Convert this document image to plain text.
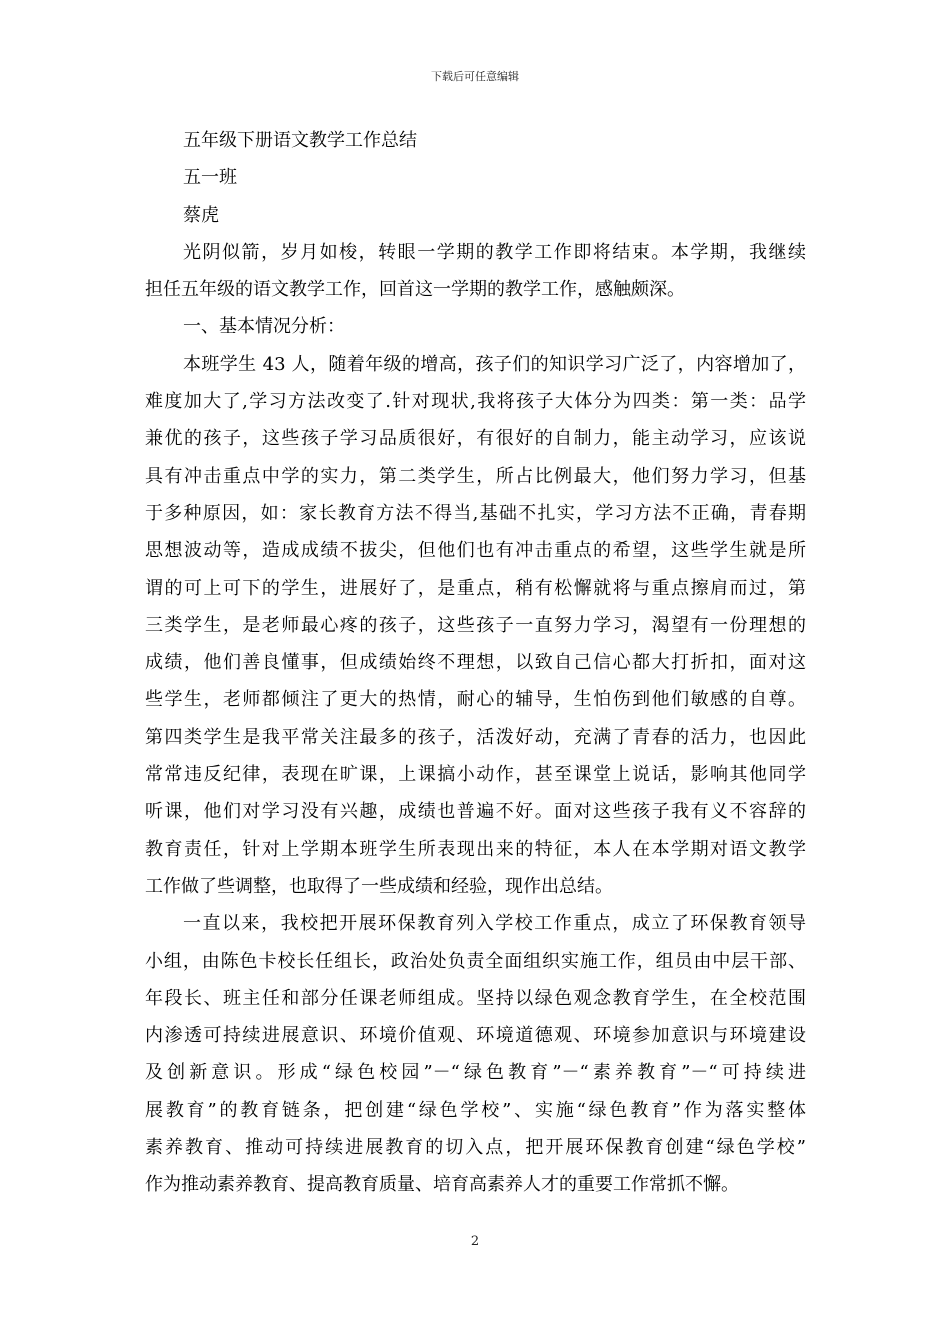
下载后可任意编辑

五年级下册语文教学工作总结

五一班

蔡虎

光阴似箭，岁月如梭，转眼一学期的教学工作即将结束。本学期，我继续

担任五年级的语文教学工作，回首这一学期的教学工作，感触颇深。

一、基本情况分析：

本班学生 43 人，随着年级的增高，孩子们的知识学习广泛了，内容增加了，

难度加大了,学习方法改变了.针对现状,我将孩子大体分为四类：第一类：品学

兼优的孩子，这些孩子学习品质很好，有很好的自制力，能主动学习，应该说

具有冲击重点中学的实力，第二类学生，所占比例最大，他们努力学习，但基

于多种原因，如：家长教育方法不得当,基础不扎实，学习方法不正确，青春期

思想波动等，造成成绩不拔尖，但他们也有冲击重点的希望，这些学生就是所

谓的可上可下的学生，进展好了，是重点，稍有松懈就将与重点擦肩而过，第

三类学生，是老师最心疼的孩子，这些孩子一直努力学习，渴望有一份理想的

成绩，他们善良懂事，但成绩始终不理想，以致自己信心都大打折扣，面对这

些学生，老师都倾注了更大的热情，耐心的辅导，生怕伤到他们敏感的自尊。

第四类学生是我平常关注最多的孩子，活泼好动，充满了青春的活力，也因此

常常违反纪律，表现在旷课，上课搞小动作，甚至课堂上说话，影响其他同学

听课，他们对学习没有兴趣，成绩也普遍不好。面对这些孩子我有义不容辞的

教育责任，针对上学期本班学生所表现出来的特征，本人在本学期对语文教学

工作做了些调整，也取得了一些成绩和经验，现作出总结。

一直以来，我校把开展环保教育列入学校工作重点，成立了环保教育领导

小组，由陈色卡校长任组长，政治处负责全面组织实施工作，组员由中层干部、

年段长、班主任和部分任课老师组成。坚持以绿色观念教育学生，在全校范围

内渗透可持续进展意识、环境价值观、环境道德观、环境参加意识与环境建设

及创新意识。形成“绿色校园”－“绿色教育”－“素养教育”－“可持续进

展教育”的教育链条，把创建“绿色学校”、实施“绿色教育”作为落实整体

素养教育、推动可持续进展教育的切入点，把开展环保教育创建“绿色学校”

作为推动素养教育、提高教育质量、培育高素养人才的重要工作常抓不懈。

2
